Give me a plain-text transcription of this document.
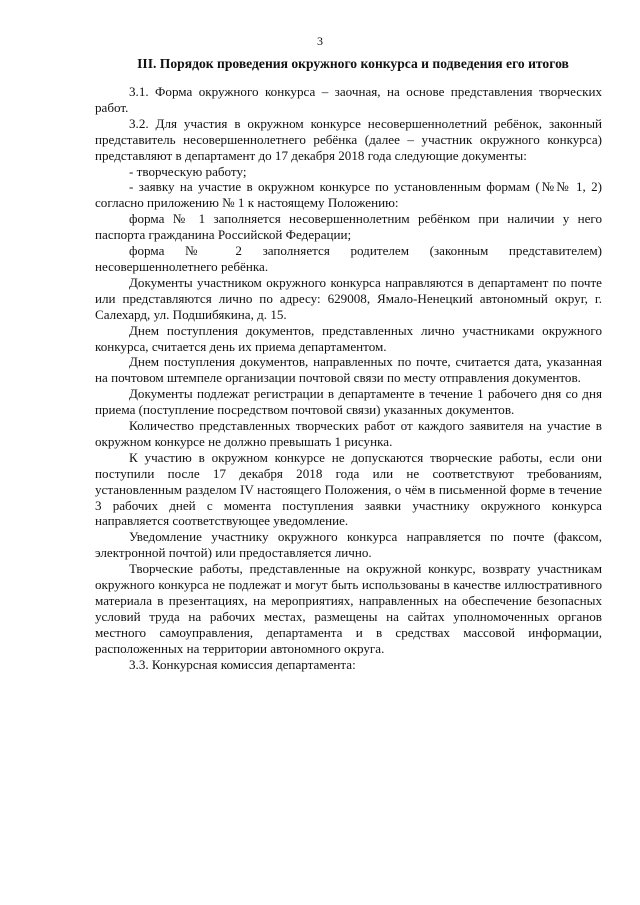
3
III. Порядок проведения окружного конкурса и подведения его итогов

3.1. Форма окружного конкурса – заочная, на основе представления творческих работ.

3.2. Для участия в окружном конкурсе несовершеннолетний ребёнок, законный представитель несовершеннолетнего ребёнка (далее – участник окружного конкурса) представляют в департамент до 17 декабря 2018 года следующие документы:

- творческую работу;

- заявку на участие в окружном конкурсе по установленным формам (№№ 1, 2) согласно приложению № 1 к настоящему Положению:

форма № 1 заполняется несовершеннолетним ребёнком при наличии у него паспорта гражданина Российской Федерации;

форма № 2 заполняется родителем (законным представителем) несовершеннолетнего ребёнка.

Документы участником окружного конкурса направляются в департамент по почте или представляются лично по адресу: 629008, Ямало-Ненецкий автономный округ, г. Салехард, ул. Подшибякина, д. 15.

Днем поступления документов, представленных лично участниками окружного конкурса, считается день их приема департаментом.

Днем поступления документов, направленных по почте, считается дата, указанная на почтовом штемпеле организации почтовой связи по месту отправления документов.

Документы подлежат регистрации в департаменте в течение 1 рабочего дня со дня приема (поступление посредством почтовой связи) указанных документов.

Количество представленных творческих работ от каждого заявителя на участие в окружном конкурсе не должно превышать 1 рисунка.

К участию в окружном конкурсе не допускаются творческие работы, если они поступили после 17 декабря 2018 года или не соответствуют требованиям, установленным разделом IV настоящего Положения, о чём в письменной форме в течение 3 рабочих дней с момента поступления заявки участнику окружного конкурса направляется соответствующее уведомление.

Уведомление участнику окружного конкурса направляется по почте (факсом, электронной почтой) или предоставляется лично.

Творческие работы, представленные на окружной конкурс, возврату участникам окружного конкурса не подлежат и могут быть использованы в качестве иллюстративного материала в презентациях, на мероприятиях, направленных на обеспечение безопасных условий труда на рабочих местах, размещены на сайтах уполномоченных органов местного самоуправления, департамента и в средствах массовой информации, расположенных на территории автономного округа.

3.3. Конкурсная комиссия департамента:
